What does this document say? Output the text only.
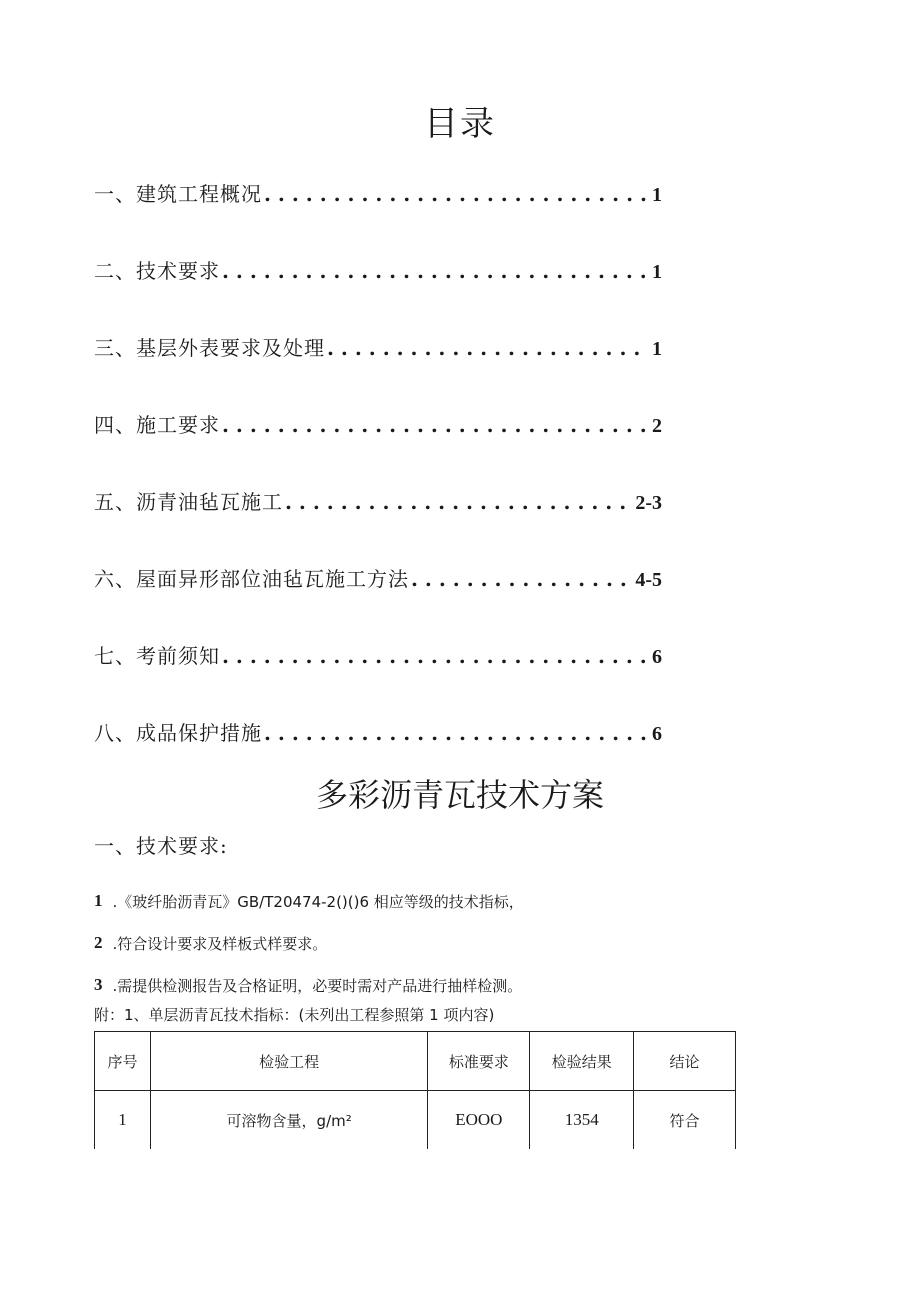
目录
一、建筑工程概况 . . .	1
二、技术要求 . . .	1
三、基层外表要求及处理 . . .	1
四、施工要求 . . .	2
五、沥青油毡瓦施工 . . .	2-3
六、屋面异形部位油毡瓦施工方法 . . .	4-5
七、考前须知 . . .	6
八、成品保护措施 . . .	6
多彩沥青瓦技术方案
一、技术要求:
1 .《玻纤胎沥青瓦》GB/T20474-2()()6 相应等级的技术指标，
2 .符合设计要求及样板式样要求。
3 .需提供检测报告及合格证明，必要时需对产品进行抽样检测。
附：1、单层沥青瓦技术指标：(未列出工程参照第 1 项内容)
序号	检验工程	标准要求	检验结果	结论
1	可溶物含量，g/m²	EOOO	1354	符合
